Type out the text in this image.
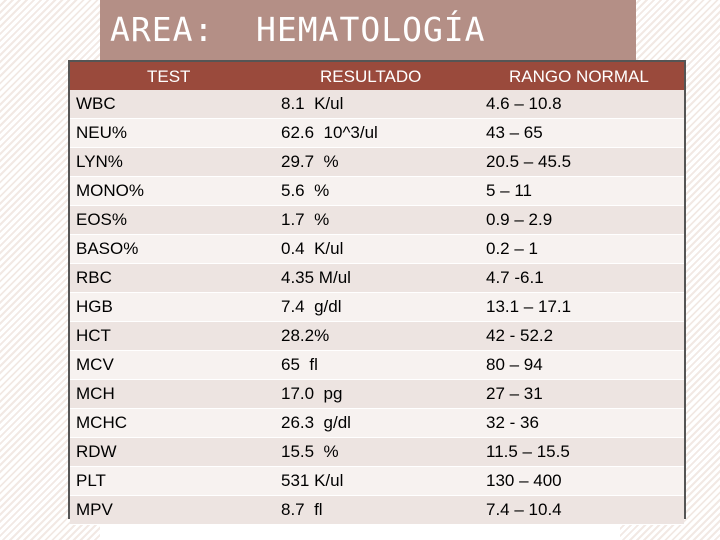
AREA: HEMATOLOGÍA
TEST	RESULTADO	RANGO NORMAL
WBC	8.1  K/ul	4.6 – 10.8
NEU%	62.6  10^3/ul	43 – 65
LYN%	29.7  %	20.5 – 45.5
MONO%	5.6  %	5 – 11
EOS%	1.7  %	0.9 – 2.9
BASO%	0.4  K/ul	0.2 – 1
RBC	4.35 M/ul	4.7 -6.1
HGB	7.4  g/dl	13.1 – 17.1
HCT	28.2%	42 - 52.2
MCV	65  fl	80 – 94
MCH	17.0  pg	27 – 31
MCHC	26.3  g/dl	32 - 36
RDW	15.5  %	11.5 – 15.5
PLT	531 K/ul	130 – 400
MPV	8.7  fl	7.4 – 10.4
